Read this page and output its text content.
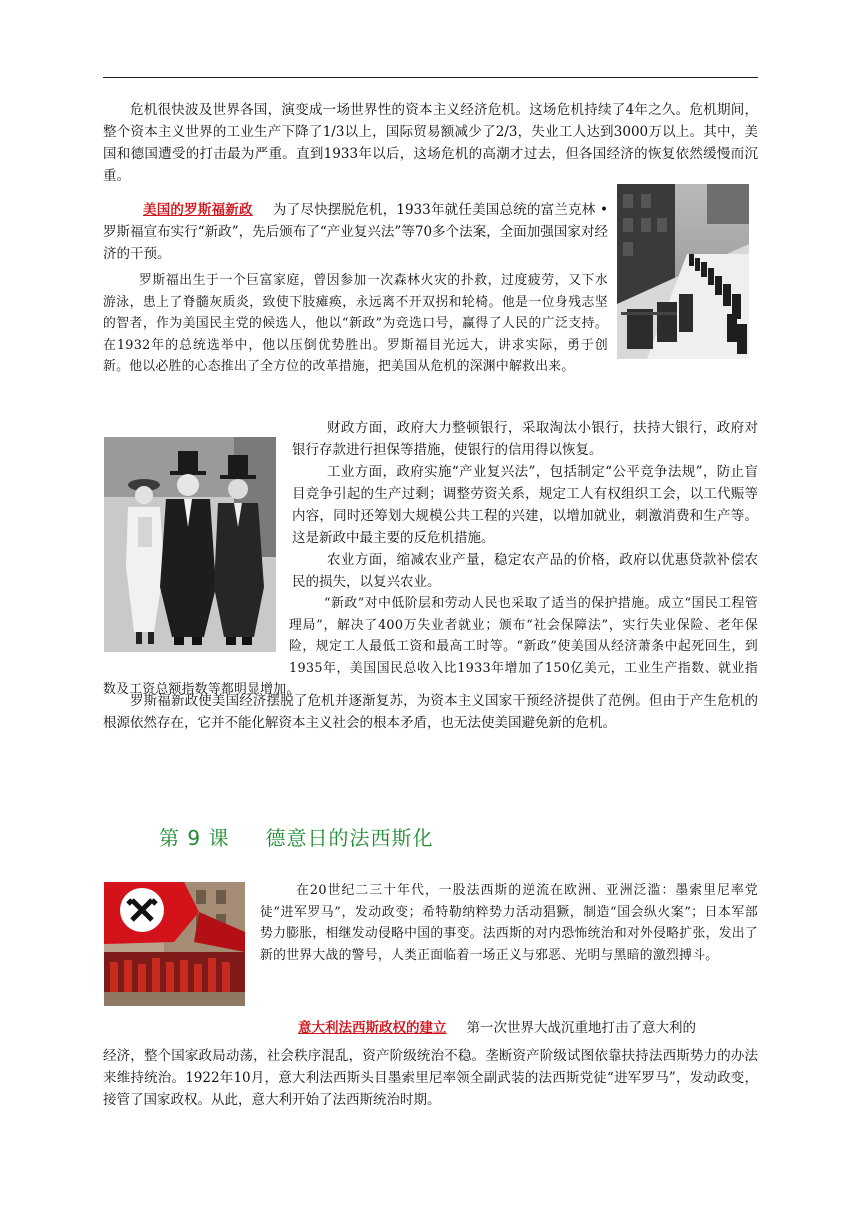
危机很快波及世界各国，演变成一场世界性的资本主义经济危机。这场危机持续了4年之久。危机期间，整个资本主义世界的工业生产下降了1/3以上，国际贸易额减少了2/3，失业工人达到3000万以上。其中，美国和德国遭受的打击最为严重。直到1933年以后，这场危机的高潮才过去，但各国经济的恢复依然缓慢而沉重。

美国的罗斯福新政 为了尽快摆脱危机，1933年就任美国总统的富兰克林 • 罗斯福宣布实行“新政”，先后颁布了“产业复兴法”等70多个法案，全面加强国家对经济的干预。

罗斯福出生于一个巨富家庭，曾因参加一次森林火灾的扑救，过度疲劳，又下水游泳，患上了脊髓灰质炎，致使下肢瘫痪，永远离不开双拐和轮椅。他是一位身残志坚的智者，作为美国民主党的候选人，他以“新政”为竞选口号，赢得了人民的广泛支持。在1932年的总统选举中，他以压倒优势胜出。罗斯福目光远大，讲求实际，勇于创新。他以必胜的心态推出了全方位的改革措施，把美国从危机的深渊中解救出来。

财政方面，政府大力整顿银行，采取淘汰小银行，扶持大银行，政府对银行存款进行担保等措施，使银行的信用得以恢复。

工业方面，政府实施“产业复兴法”，包括制定“公平竞争法规”，防止盲目竞争引起的生产过剩；调整劳资关系，规定工人有权组织工会，以工代赈等内容，同时还筹划大规模公共工程的兴建，以增加就业，刺激消费和生产等。这是新政中最主要的反危机措施。

农业方面，缩减农业产量，稳定农产品的价格，政府以优惠贷款补偿农民的损失，以复兴农业。

“新政”对中低阶层和劳动人民也采取了适当的保护措施。成立“国民工程管理局”，解决了400万失业者就业；颁布“社会保障法”，实行失业保险、老年保险，规定工人最低工资和最高工时等。“新政”使美国从经济萧条中起死回生，到1935年，美国国民总收入比1933年增加了150亿美元，工业生产指数、就业指数及工资总额指数等都明显增加。

罗斯福新政使美国经济摆脱了危机并逐渐复苏，为资本主义国家干预经济提供了范例。但由于产生危机的根源依然存在，它并不能化解资本主义社会的根本矛盾，也无法使美国避免新的危机。

第 9 课 德意日的法西斯化

在20世纪二三十年代，一股法西斯的逆流在欧洲、亚洲泛滥：墨索里尼率党徒“进军罗马”，发动政变；希特勒纳粹势力活动猖獗，制造“国会纵火案”；日本军部势力膨胀，相继发动侵略中国的事变。法西斯的对内恐怖统治和对外侵略扩张，发出了新的世界大战的警号，人类正面临着一场正义与邪恶、光明与黑暗的激烈搏斗。

意大利法西斯政权的建立 第一次世界大战沉重地打击了意大利的

经济，整个国家政局动荡，社会秩序混乱，资产阶级统治不稳。垄断资产阶级试图依靠扶持法西斯势力的办法来维持统治。1922年10月，意大利法西斯头目墨索里尼率领全副武装的法西斯党徒“进军罗马”，发动政变，接管了国家政权。从此，意大利开始了法西斯统治时期。
